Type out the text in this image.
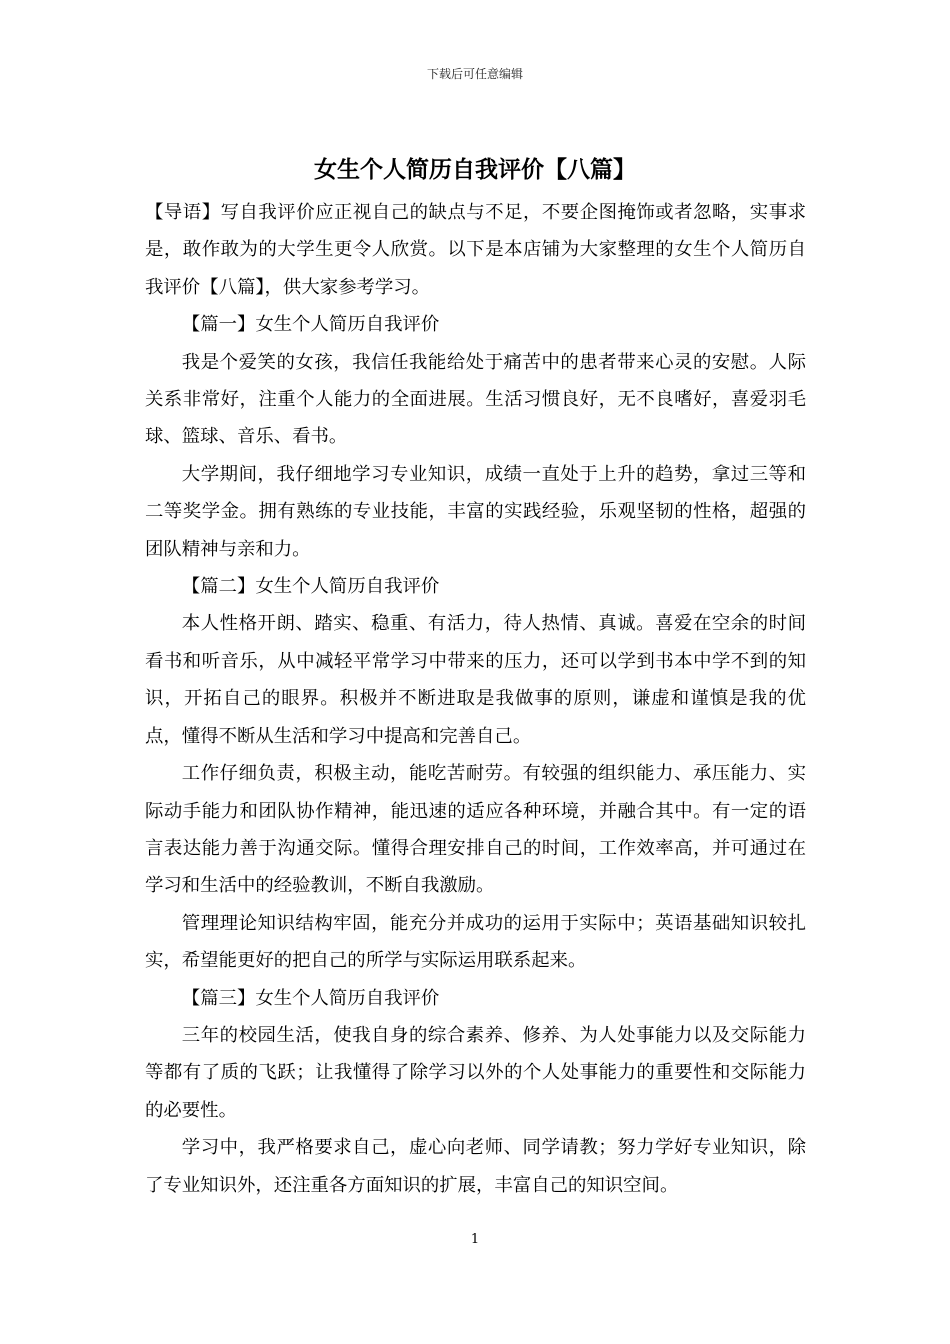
下载后可任意编辑
女生个人简历自我评价【八篇】

【导语】写自我评价应正视自己的缺点与不足，不要企图掩饰或者忽略，实事求是，敢作敢为的大学生更令人欣赏。以下是本店铺为大家整理的女生个人简历自我评价【八篇】，供大家参考学习。

【篇一】女生个人简历自我评价

我是个爱笑的女孩，我信任我能给处于痛苦中的患者带来心灵的安慰。人际关系非常好，注重个人能力的全面进展。生活习惯良好，无不良嗜好，喜爱羽毛球、篮球、音乐、看书。

大学期间，我仔细地学习专业知识，成绩一直处于上升的趋势，拿过三等和二等奖学金。拥有熟练的专业技能，丰富的实践经验，乐观坚韧的性格，超强的团队精神与亲和力。

【篇二】女生个人简历自我评价

本人性格开朗、踏实、稳重、有活力，待人热情、真诚。喜爱在空余的时间看书和听音乐，从中减轻平常学习中带来的压力，还可以学到书本中学不到的知识，开拓自己的眼界。积极并不断进取是我做事的原则，谦虚和谨慎是我的优点，懂得不断从生活和学习中提高和完善自己。

工作仔细负责，积极主动，能吃苦耐劳。有较强的组织能力、承压能力、实际动手能力和团队协作精神，能迅速的适应各种环境，并融合其中。有一定的语言表达能力善于沟通交际。懂得合理安排自己的时间，工作效率高，并可通过在学习和生活中的经验教训，不断自我激励。

管理理论知识结构牢固，能充分并成功的运用于实际中；英语基础知识较扎实，希望能更好的把自己的所学与实际运用联系起来。

【篇三】女生个人简历自我评价

三年的校园生活，使我自身的综合素养、修养、为人处事能力以及交际能力等都有了质的飞跃；让我懂得了除学习以外的个人处事能力的重要性和交际能力的必要性。

学习中，我严格要求自己，虚心向老师、同学请教；努力学好专业知识，除了专业知识外，还注重各方面知识的扩展，丰富自己的知识空间。

1
